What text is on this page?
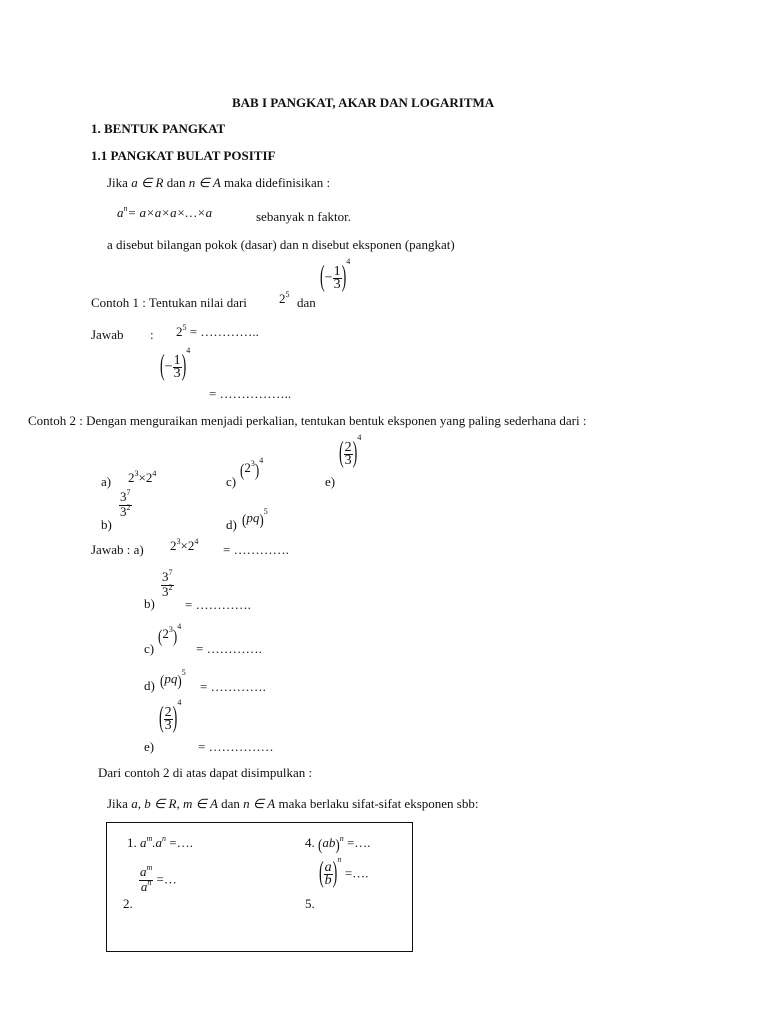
BAB I PANGKAT, AKAR DAN LOGARITMA
1. BENTUK PANGKAT
1.1 PANGKAT BULAT POSITIF
Jika a ∈ R dan n ∈ A maka didefinisikan :
$a^n=$ a×a×a×…×a	sebanyak n faktor.
a disebut bilangan pokok (dasar) dan n disebut eksponen (pangkat)
Contoh 1 : Tentukan nilai dari $2^5$
dan
(− $\frac{1}{3} )^4$
Jawab : $2^5$ = …………..
(− $\frac{1}{3} )^4$
= ……………..
Contoh 2 : Dengan menguraikan menjadi perkalian, tentukan bentuk eksponen yang paling sederhana dari :
a) $2^3\times 2^4$
c)
$(2^3)^4$
e)
( $\frac{2}{3} )^4$
b)
$\frac{3^7}{3^2}$
d) (pq)$^5$
Jawab : a) $2^3\times 2^4$
= ………….
b)
$\frac{3^7}{3^2}$
= ………….
c)
$(2^3)^4$
= ………….
d) (pq)$^5$
= ………….
e)
( $\frac{2}{3} )^4$
= ……………
Dari contoh 2 di atas dapat disimpulkan :
Jika a, b ∈ R, m ∈ A dan n ∈ A maka berlaku sifat-sifat eksponen sbb:
1. $a^m.a^n$ =….	4. (ab)$^n$ =….
2.
$\frac{a^m}{a^n}$ =…
5.
( $\frac{a}{b} )^n$ =….
